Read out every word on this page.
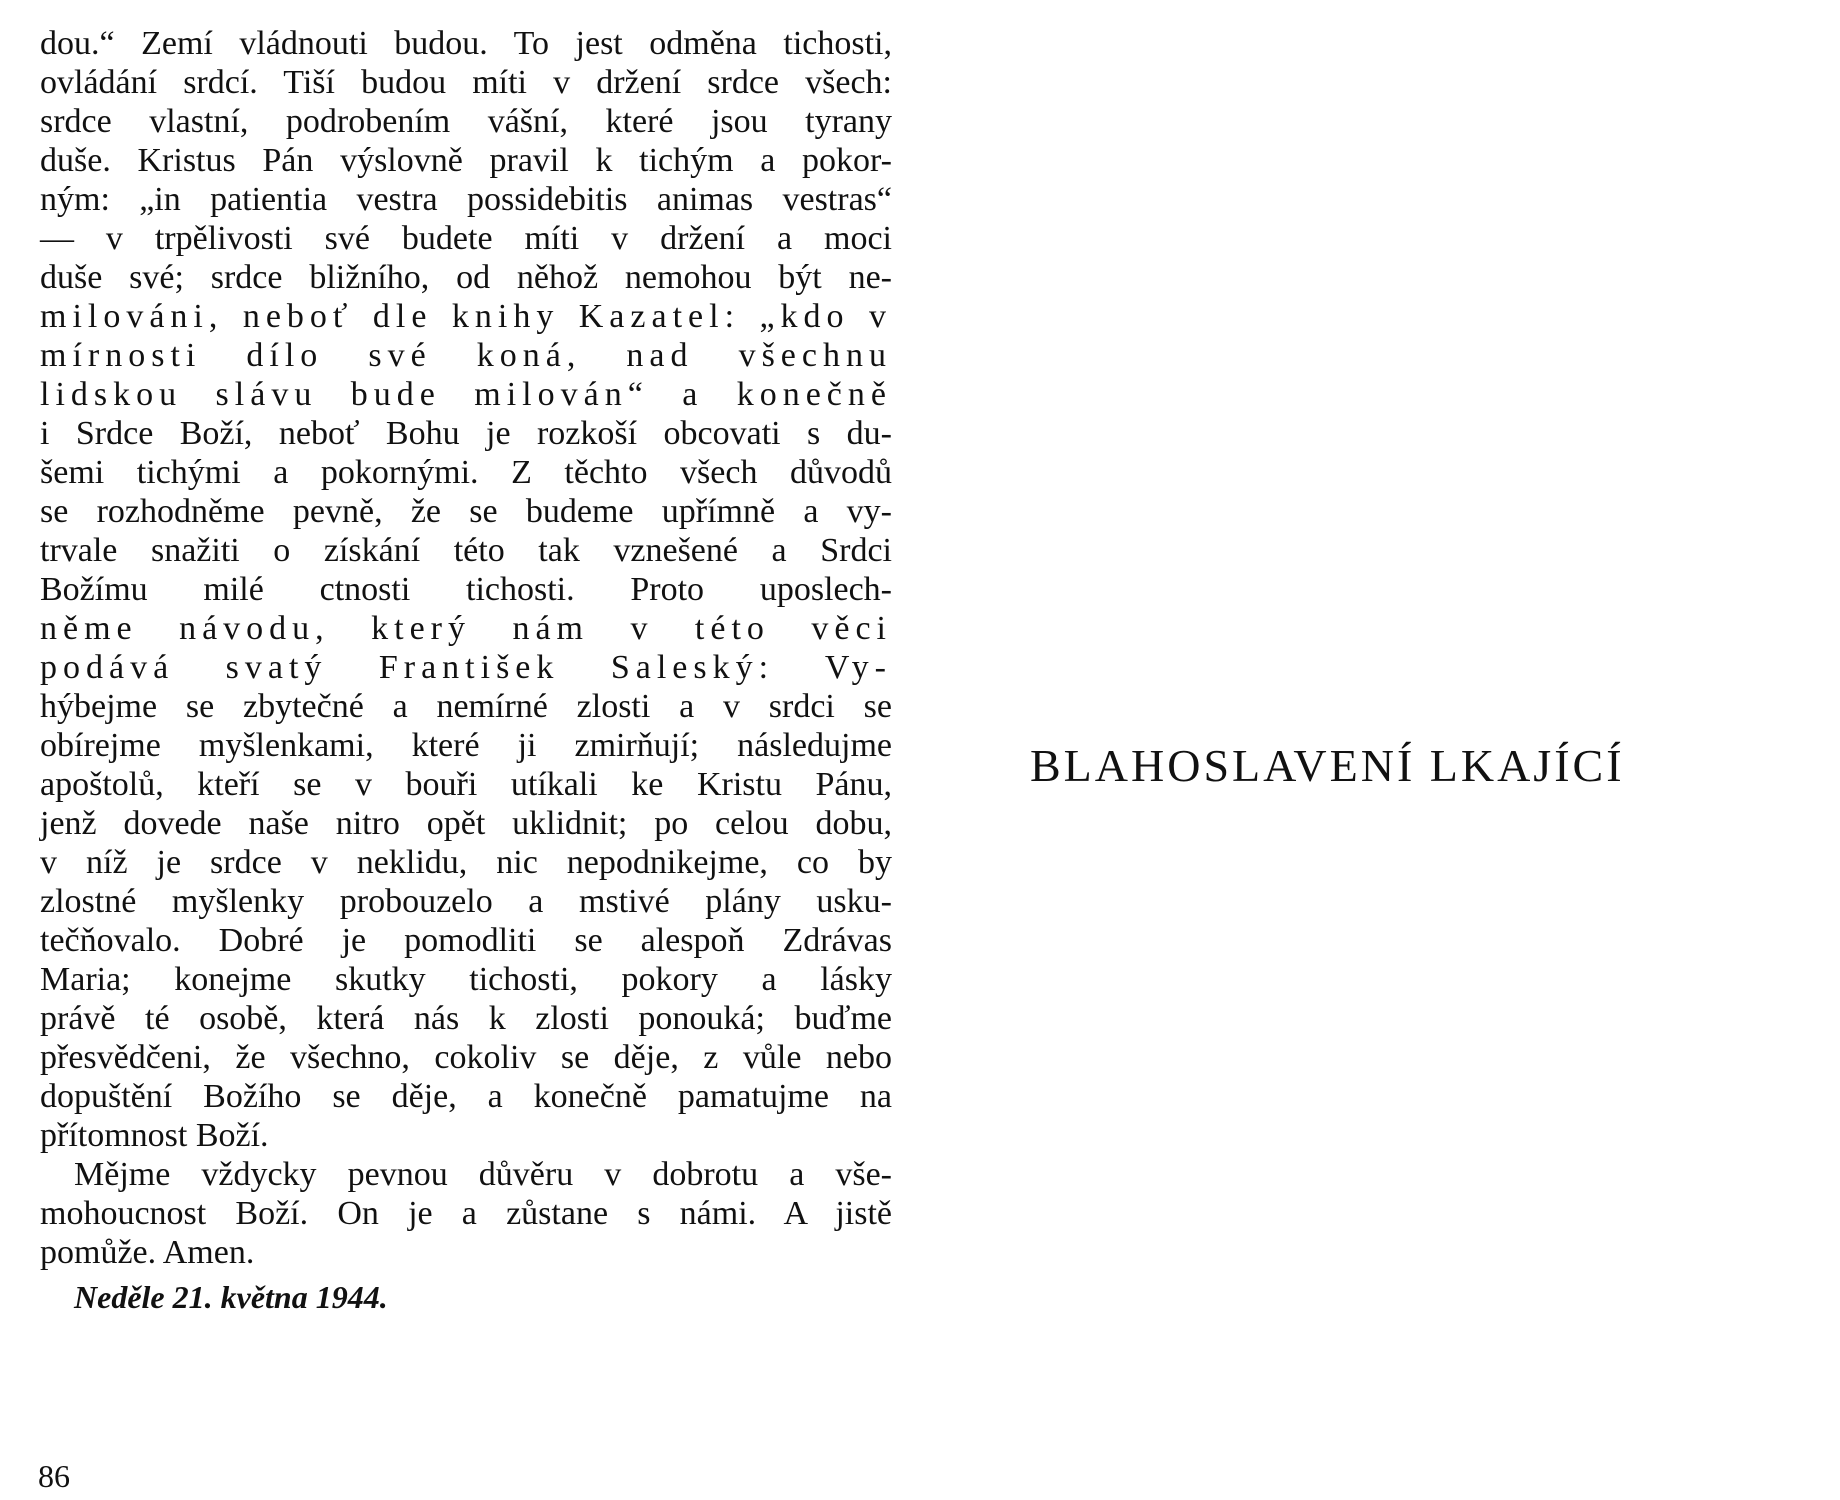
dou.“ Zemí vládnouti budou. To jest odměna tichosti,
ovládání srdcí. Tiší budou míti v držení srdce všech:
srdce vlastní, podrobením vášní, které jsou tyrany
duše. Kristus Pán výslovně pravil k tichým a pokor-
ným: „in patientia vestra possidebitis animas vestras“
— v trpělivosti své budete míti v držení a moci
duše své; srdce bližního, od něhož nemohou být ne-
milováni, neboť dle knihy Kazatel: „kdo v
mírnosti dílo své koná, nad všechnu
lidskou slávu bude milován“ a konečně
i Srdce Boží, neboť Bohu je rozkoší obcovati s du-
šemi tichými a pokornými. Z těchto všech důvodů
se rozhodněme pevně, že se budeme upřímně a vy-
trvale snažiti o získání této tak vznešené a Srdci
Božímu milé ctnosti tichosti. Proto uposlech-
něme návodu, který nám v této věci
podává svatý František Saleský: Vy-
hýbejme se zbytečné a nemírné zlosti a v srdci se
obírejme myšlenkami, které ji zmirňují; následujme
apoštolů, kteří se v bouři utíkali ke Kristu Pánu,
jenž dovede naše nitro opět uklidnit; po celou dobu,
v níž je srdce v neklidu, nic nepodnikejme, co by
zlostné myšlenky probouzelo a mstivé plány usku-
tečňovalo. Dobré je pomodliti se alespoň Zdrávas
Maria; konejme skutky tichosti, pokory a lásky
právě té osobě, která nás k zlosti ponouká; buďme
přesvědčeni, že všechno, cokoliv se děje, z vůle nebo
dopuštění Božího se děje, a konečně pamatujme na
přítomnost Boží.
Mějme vždycky pevnou důvěru v dobrotu a vše-
mohoucnost Boží. On je a zůstane s námi. A jistě
pomůže. Amen.
Neděle 21. května 1944.
86
BLAHOSLAVENÍ LKAJÍCÍ
